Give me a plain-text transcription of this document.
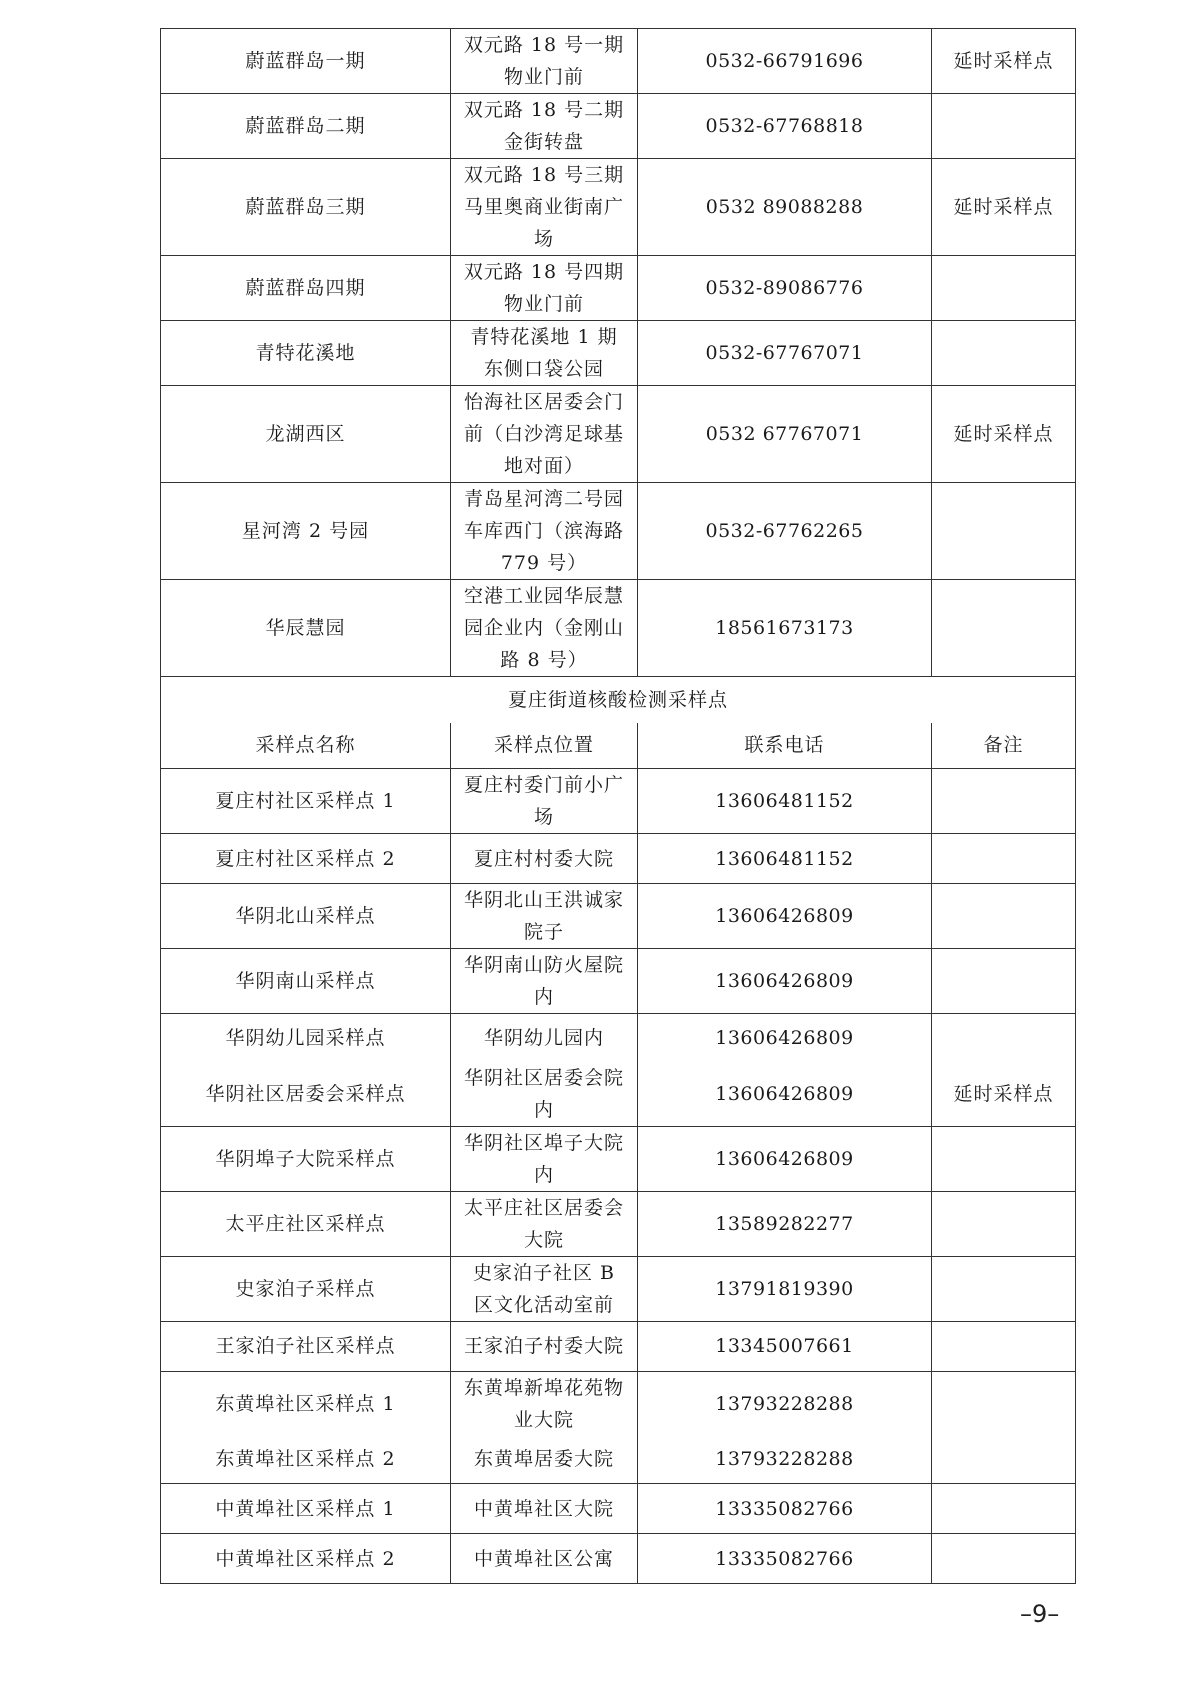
蔚蓝群岛一期	双元路 18 号一期物业门前	0532-66791696	延时采样点
蔚蓝群岛二期	双元路 18 号二期金街转盘	0532-67768818	
蔚蓝群岛三期	双元路 18 号三期马里奥商业街南广场	0532 89088288	延时采样点
蔚蓝群岛四期	双元路 18 号四期物业门前	0532-89086776	
青特花溪地	青特花溪地 1 期东侧口袋公园	0532-67767071	
龙湖西区	怡海社区居委会门前（白沙湾足球基地对面）	0532 67767071	延时采样点
星河湾 2 号园	青岛星河湾二号园车库西门（滨海路779 号）	0532-67762265	
华辰慧园	空港工业园华辰慧园企业内（金刚山路 8 号）	18561673173	
夏庄街道核酸检测采样点			
采样点名称	采样点位置	联系电话	备注
夏庄村社区采样点 1	夏庄村委门前小广场	13606481152	
夏庄村社区采样点 2	夏庄村村委大院	13606481152	
华阴北山采样点	华阴北山王洪诚家院子	13606426809	
华阴南山采样点	华阴南山防火屋院内	13606426809	
华阴幼儿园采样点	华阴幼儿园内	13606426809	
华阴社区居委会采样点	华阴社区居委会院内	13606426809	延时采样点
华阴埠子大院采样点	华阴社区埠子大院内	13606426809	
太平庄社区采样点	太平庄社区居委会大院	13589282277	
史家泊子采样点	史家泊子社区 B 区文化活动室前	13791819390	
王家泊子社区采样点	王家泊子村委大院	13345007661	
东黄埠社区采样点 1	东黄埠新埠花苑物业大院	13793228288	
东黄埠社区采样点 2	东黄埠居委大院	13793228288	
中黄埠社区采样点 1	中黄埠社区大院	13335082766	
中黄埠社区采样点 2	中黄埠社区公寓	13335082766	
–9–
